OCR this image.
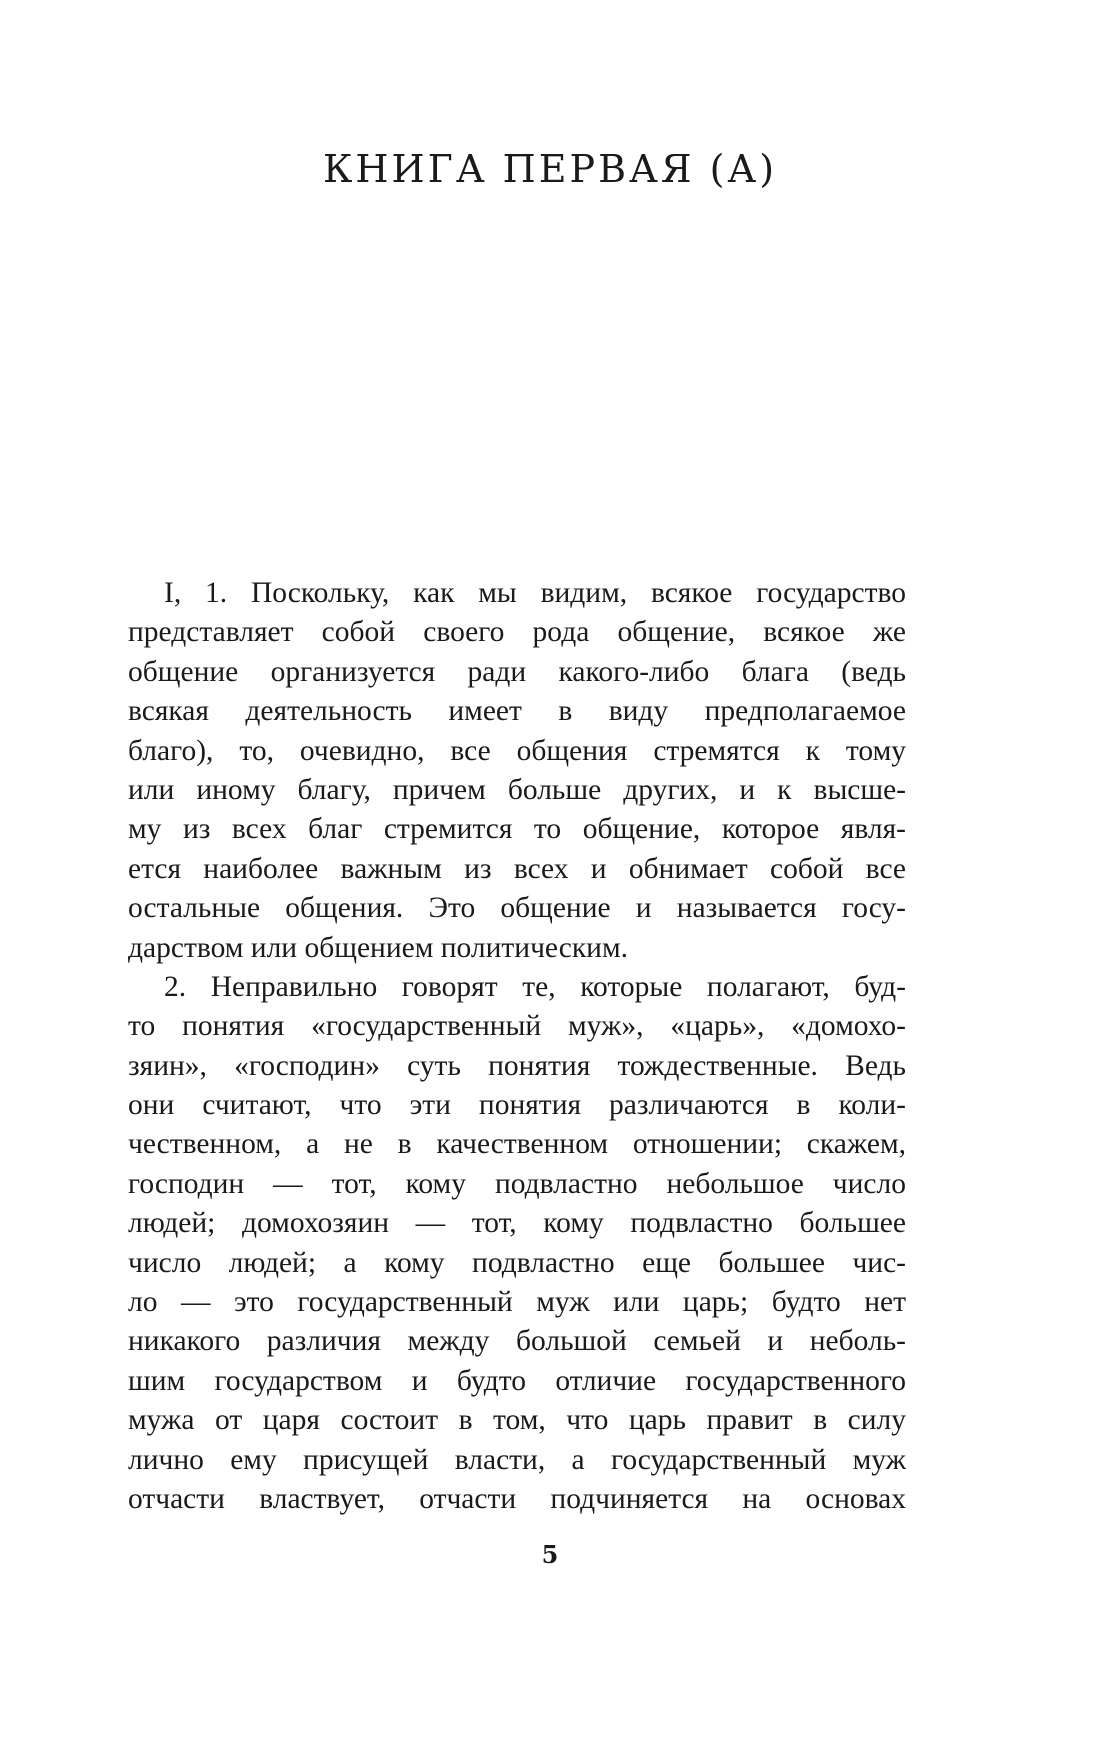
КНИГА ПЕРВАЯ (А)
I, 1. Поскольку, как мы видим, всякое государство
представляет собой своего рода общение, всякое же
общение организуется ради какого-либо блага (ведь
всякая деятельность имеет в виду предполагаемое
благо), то, очевидно, все общения стремятся к тому
или иному благу, причем больше других, и к высше-
му из всех благ стремится то общение, которое явля-
ется наиболее важным из всех и обнимает собой все
остальные общения. Это общение и называется госу-
дарством или общением политическим.
2. Неправильно говорят те, которые полагают, буд-
то понятия «государственный муж», «царь», «домохо-
зяин», «господин» суть понятия тождественные. Ведь
они считают, что эти понятия различаются в коли-
чественном, а не в качественном отношении; скажем,
господин — тот, кому подвластно небольшое число
людей; домохозяин — тот, кому подвластно большее
число людей; а кому подвластно еще большее чис-
ло — это государственный муж или царь; будто нет
никакого различия между большой семьей и неболь-
шим государством и будто отличие государственного
мужа от царя состоит в том, что царь правит в силу
лично ему присущей власти, а государственный муж
отчасти властвует, отчасти подчиняется на основах
5
